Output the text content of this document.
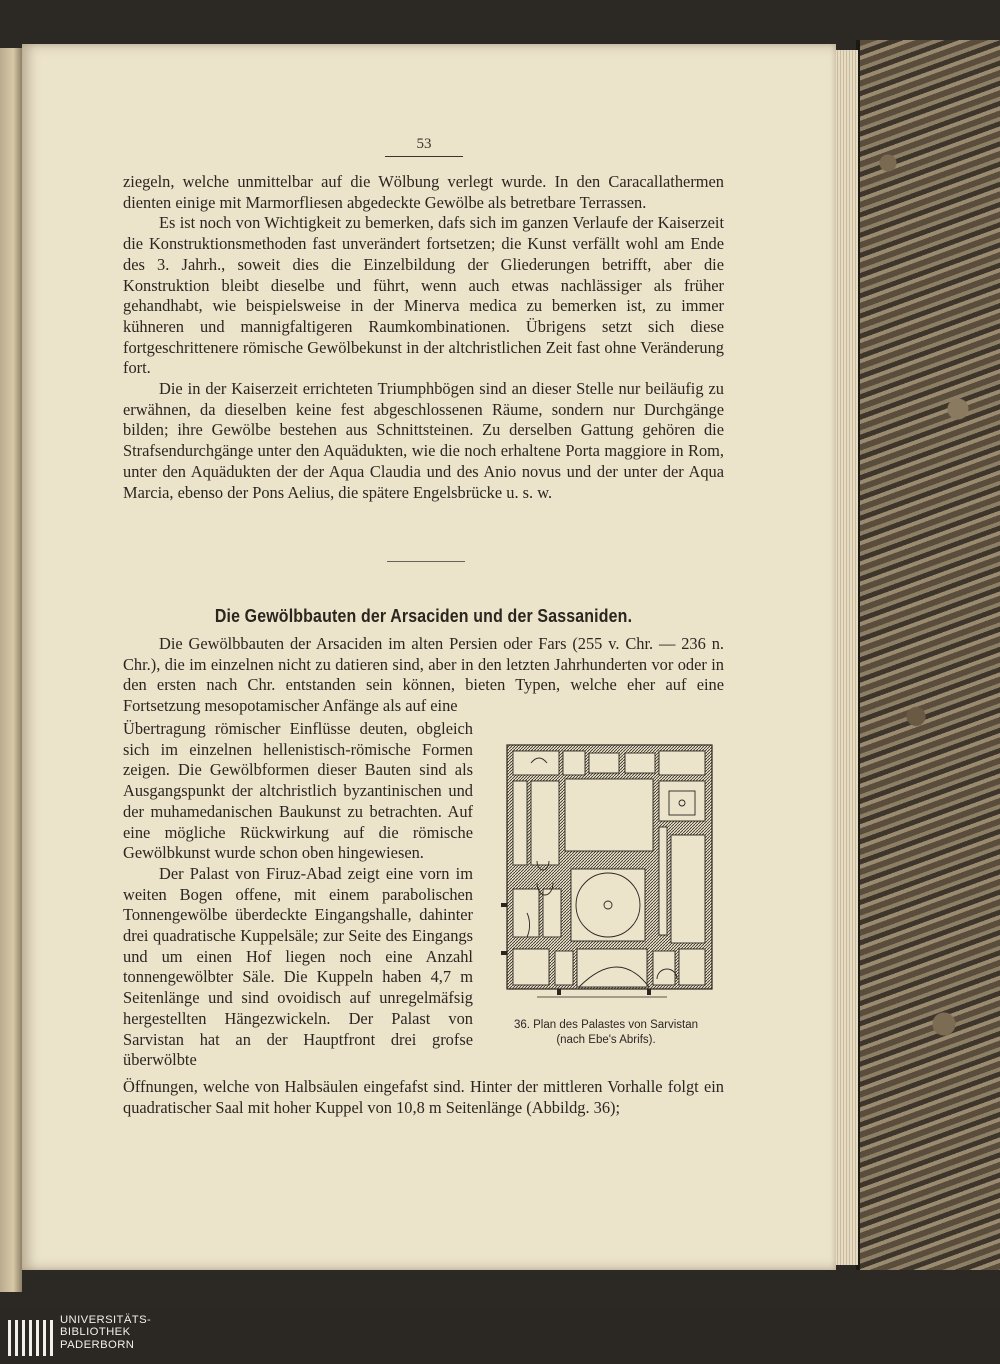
53

ziegeln, welche unmittelbar auf die Wölbung verlegt wurde. In den Caracallathermen dienten einige mit Marmorfliesen abgedeckte Gewölbe als betretbare Terrassen.

Es ist noch von Wichtigkeit zu bemerken, dafs sich im ganzen Verlaufe der Kaiserzeit die Konstruktionsmethoden fast unverändert fortsetzen; die Kunst verfällt wohl am Ende des 3. Jahrh., soweit dies die Einzelbildung der Gliederungen betrifft, aber die Konstruktion bleibt dieselbe und führt, wenn auch etwas nachlässiger als früher gehandhabt, wie beispielsweise in der Minerva medica zu bemerken ist, zu immer kühneren und mannigfaltigeren Raumkombinationen. Übrigens setzt sich diese fortgeschrittenere römische Gewölbekunst in der altchristlichen Zeit fast ohne Veränderung fort.

Die in der Kaiserzeit errichteten Triumphbögen sind an dieser Stelle nur beiläufig zu erwähnen, da dieselben keine fest abgeschlossenen Räume, sondern nur Durchgänge bilden; ihre Gewölbe bestehen aus Schnittsteinen. Zu derselben Gattung gehören die Strafsendurchgänge unter den Aquädukten, wie die noch erhaltene Porta maggiore in Rom, unter den Aquädukten der der Aqua Claudia und des Anio novus und der unter der Aqua Marcia, ebenso der Pons Aelius, die spätere Engelsbrücke u. s. w.

Die Gewölbbauten der Arsaciden und der Sassaniden.
Die Gewölbbauten der Arsaciden im alten Persien oder Fars (255 v. Chr. — 236 n. Chr.), die im einzelnen nicht zu datieren sind, aber in den letzten Jahrhunderten vor oder in den ersten nach Chr. entstanden sein können, bieten Typen, welche eher auf eine Fortsetzung mesopotamischer Anfänge als auf eine

Übertragung römischer Einflüsse deuten, obgleich sich im einzelnen hellenistisch-römische Formen zeigen. Die Gewölbformen dieser Bauten sind als Ausgangspunkt der altchristlich byzantinischen und der muhamedanischen Baukunst zu betrachten. Auf eine mögliche Rückwirkung auf die römische Gewölbkunst wurde schon oben hingewiesen.

Der Palast von Firuz-Abad zeigt eine vorn im weiten Bogen offene, mit einem parabolischen Tonnengewölbe überdeckte Eingangshalle, dahinter drei quadratische Kuppelsäle; zur Seite des Eingangs und um einen Hof liegen noch eine Anzahl tonnengewölbter Säle. Die Kuppeln haben 4,7 m Seitenlänge und sind ovoidisch auf unregelmäfsig hergestellten Hängezwickeln. Der Palast von Sarvistan hat an der Hauptfront drei grofse überwölbte

Öffnungen, welche von Halbsäulen eingefafst sind. Hinter der mittleren Vorhalle folgt ein quadratischer Saal mit hoher Kuppel von 10,8 m Seitenlänge (Abbildg. 36);
36. Plan des Palastes von Sarvistan
(nach Ebe's Abrifs).
UNIVERSITÄTS-
BIBLIOTHEK
PADERBORN
